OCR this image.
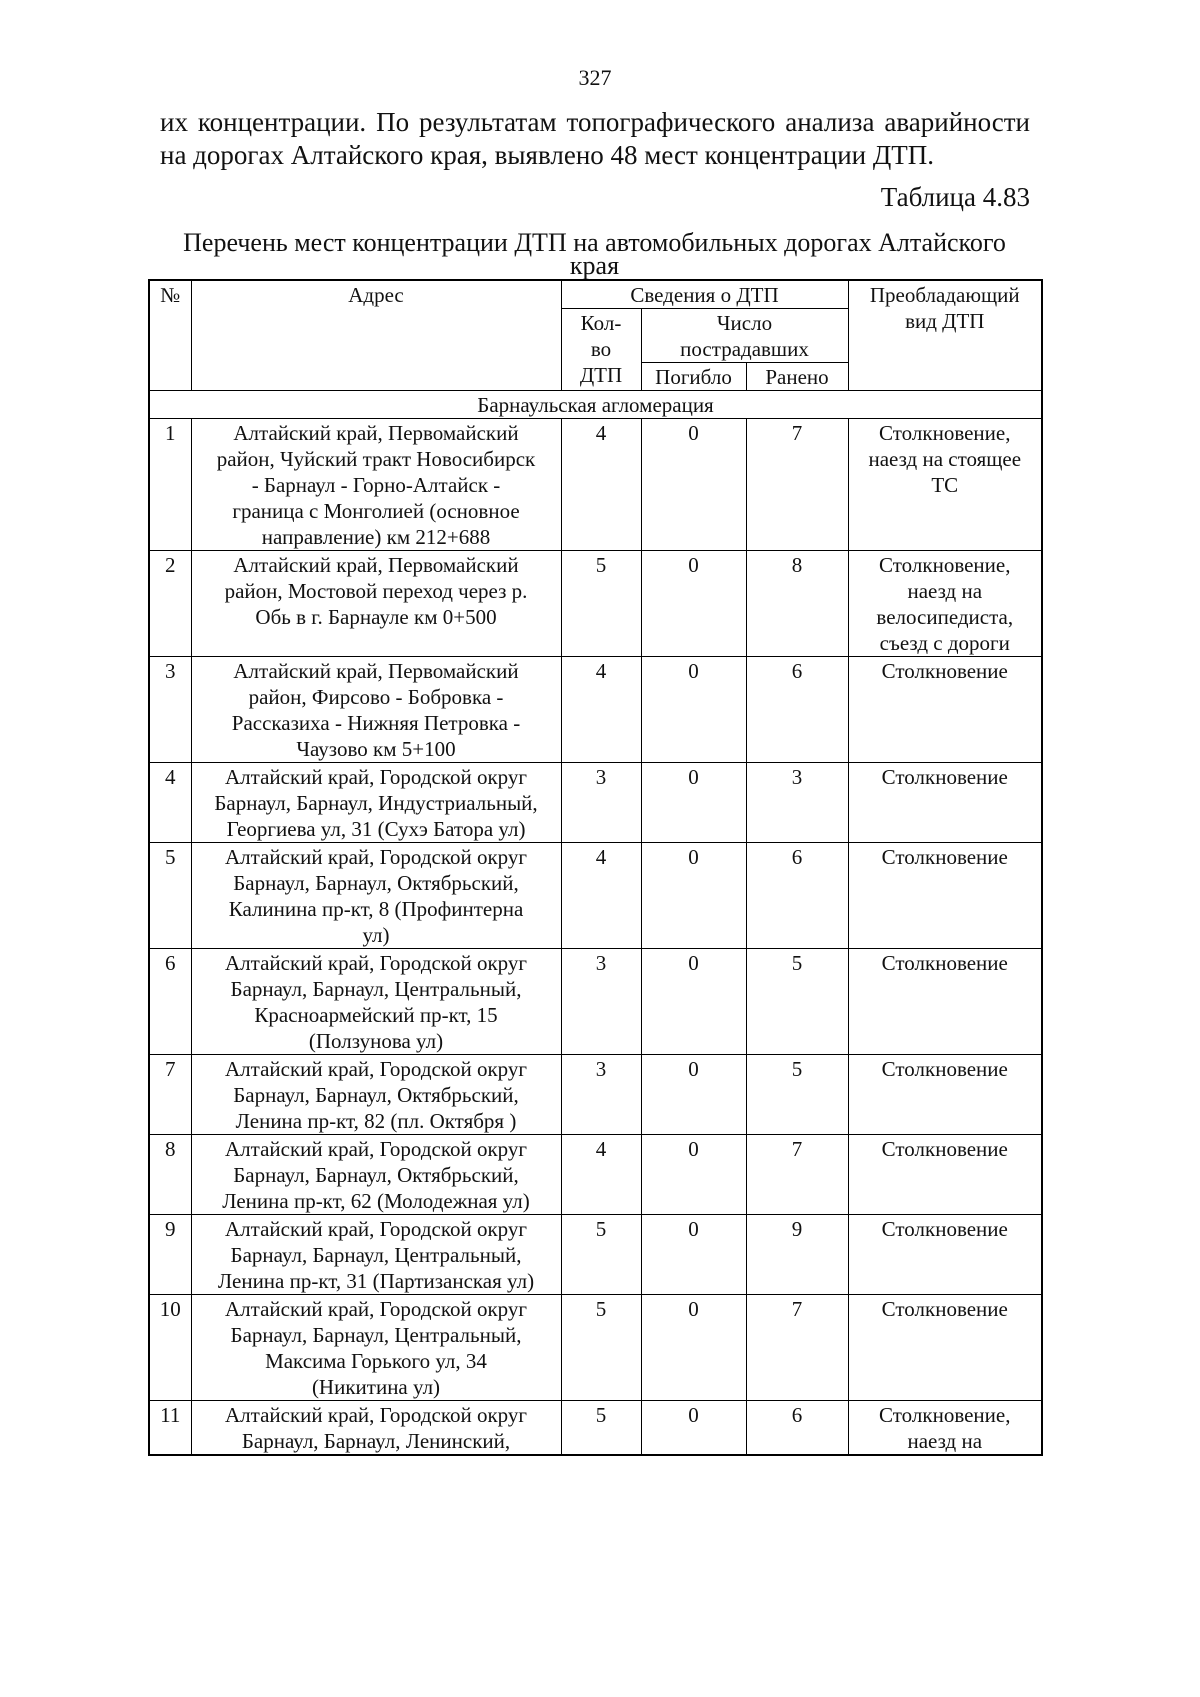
327
их концентрации. По результатам топографического анализа аварийности
на дорогах Алтайского края, выявлено 48 мест концентрации ДТП.
Таблица 4.83
Перечень мест концентрации ДТП на автомобильных дорогах Алтайского
края
№	Адрес	Сведения о ДТП			Преобладающий
вид ДТП
		Кол-
во
ДТП	Число
пострадавших		
			Погибло	Ранено	
Барнаульская агломерация					
1	Алтайский край, Первомайский
район, Чуйский тракт Новосибирск
- Барнаул - Горно-Алтайск -
граница с Монголией (основное
направление) км 212+688	4	0	7	Столкновение,
наезд на стоящее
ТС
2	Алтайский край, Первомайский
район, Мостовой переход через р.
Обь в г. Барнауле км 0+500	5	0	8	Столкновение,
наезд на
велосипедиста,
съезд с дороги
3	Алтайский край, Первомайский
район, Фирсово - Бобровка -
Рассказиха - Нижняя Петровка -
Чаузово км 5+100	4	0	6	Столкновение
4	Алтайский край, Городской округ
Барнаул, Барнаул, Индустриальный,
Георгиева ул, 31 (Сухэ Батора ул)	3	0	3	Столкновение
5	Алтайский край, Городской округ
Барнаул, Барнаул, Октябрьский,
Калинина пр-кт, 8 (Профинтерна
ул)	4	0	6	Столкновение
6	Алтайский край, Городской округ
Барнаул, Барнаул, Центральный,
Красноармейский пр-кт, 15
(Ползунова ул)	3	0	5	Столкновение
7	Алтайский край, Городской округ
Барнаул, Барнаул, Октябрьский,
Ленина пр-кт, 82 (пл. Октября )	3	0	5	Столкновение
8	Алтайский край, Городской округ
Барнаул, Барнаул, Октябрьский,
Ленина пр-кт, 62 (Молодежная ул)	4	0	7	Столкновение
9	Алтайский край, Городской округ
Барнаул, Барнаул, Центральный,
Ленина пр-кт, 31 (Партизанская ул)	5	0	9	Столкновение
10	Алтайский край, Городской округ
Барнаул, Барнаул, Центральный,
Максима Горького ул, 34
(Никитина ул)	5	0	7	Столкновение
11	Алтайский край, Городской округ
Барнаул, Барнаул, Ленинский,	5	0	6	Столкновение,
наезд на
